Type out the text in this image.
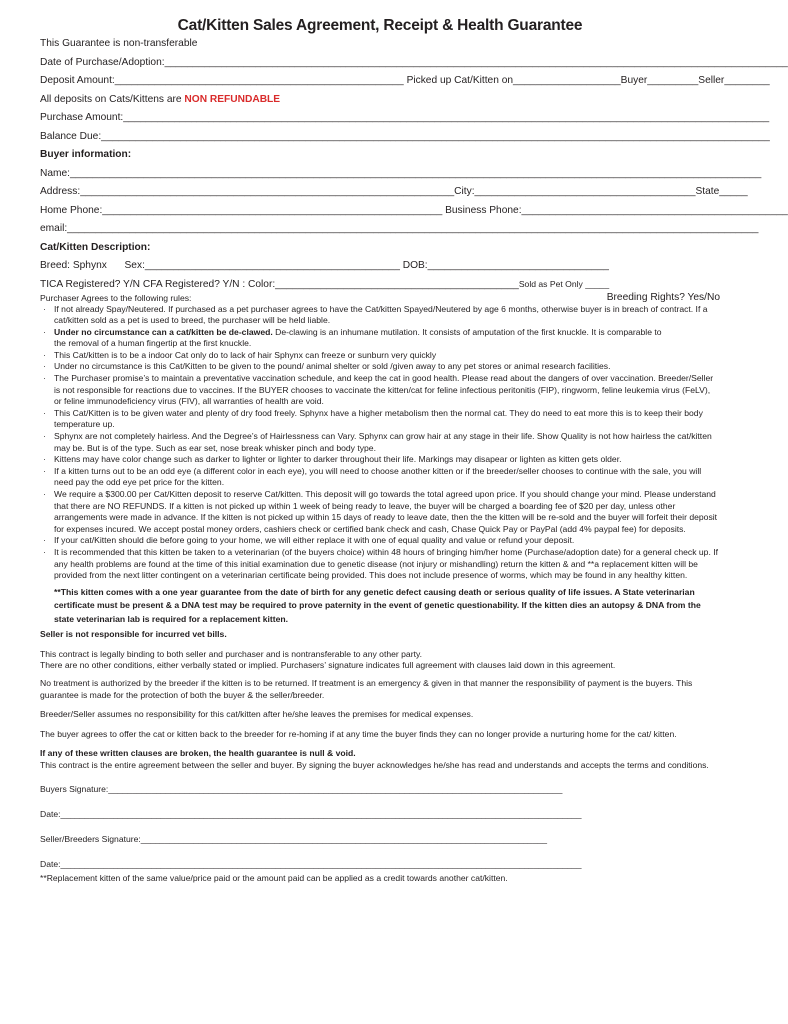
Cat/Kitten Sales Agreement, Receipt & Health Guarantee
This Guarantee is non-transferable
Date of Purchase/Adoption:______________________________________________________________________________________________________________
Deposit Amount:___________________________________________________ Picked up Cat/Kitten on___________________Buyer_________Seller________
All deposits on Cats/Kittens are NON REFUNDABLE
Purchase Amount:__________________________________________________________________________________________________________________
Balance Due:______________________________________________________________________________________________________________________
Buyer information:
Name:__________________________________________________________________________________________________________________________
Address:__________________________________________________________________City:_______________________________________State_____
Home Phone:____________________________________________________________ Business Phone:_______________________________________________
email:__________________________________________________________________________________________________________________________
Cat/Kitten Description:
Breed: Sphynx Sex:_____________________________________________ DOB:________________________________
TICA Registered? Y/N CFA Registered? Y/N : Color:___________________________________________Sold as Pet Only _____
Breeding Rights? Yes/No
Purchaser Agrees to the following rules:
· If not already Spay/Neutered. If purchased as a pet purchaser agrees to have the Cat/kitten Spayed/Neutered by age 6 months, otherwise buyer is in breach of contract. If a cat/kitten sold as a pet is used to breed, the purchaser will be held liable.
· Under no circumstance can a cat/kitten be de-clawed. De-clawing is an inhumane mutilation. It consists of amputation of the first knuckle. It is comparable to
the removal of a human fingertip at the first knuckle.
· This Cat/kitten is to be a indoor Cat only do to lack of hair Sphynx can freeze or sunburn very quickly
· Under no circumstance is this Cat/Kitten to be given to the pound/ animal shelter or sold /given away to any pet stores or animal research facilities.
· The Purchaser promise’s to maintain a preventative vaccination schedule, and keep the cat in good health. Please read about the dangers of over vaccination. Breeder/Seller is not responsible for reactions due to vaccines. If the BUYER chooses to vaccinate the kitten/cat for feline infectious peritonitis (FIP), ringworm, feline leukemia virus (FeLV), or feline immunodeficiency virus (FIV), all warranties of health are void.
· This Cat/Kitten is to be given water and plenty of dry food freely. Sphynx have a higher metabolism then the normal cat. They do need to eat more this is to keep their body temperature up.
· Sphynx are not completely hairless. And the Degree’s of Hairlessness can Vary. Sphynx can grow hair at any stage in their life. Show Quality is not how hairless the cat/kitten may be. But is of the type. Such as ear set, nose break whisker pinch and body type.
· Kittens may have color change such as darker to lighter or lighter to darker throughout their life. Markings may disapear or lighten as kitten gets older.
· If a kitten turns out to be an odd eye (a different color in each eye), you will need to choose another kitten or if the breeder/seller chooses to continue with the sale, you will need pay the odd eye pet price for the kitten.
· We require a $300.00 per Cat/Kitten deposit to reserve Cat/kitten. This deposit will go towards the total agreed upon price. If you should change your mind. Please understand that there are NO REFUNDS. If a kitten is not picked up within 1 week of being ready to leave, the buyer will be charged a boarding fee of $20 per day, unless other arrangements were made in advance. If the kitten is not picked up within 15 days of ready to leave date, then the the kitten will be re-sold and the buyer will forfeit their deposit for expenses incured. We accept postal money orders, cashiers check or certified bank check and cash, Chase Quick Pay or PayPal (add 4% paypal fee) for deposits.
· If your cat/Kitten should die before going to your home, we will either replace it with one of equal quality and value or refund your deposit.
· It is recommended that this kitten be taken to a veterinarian (of the buyers choice) within 48 hours of bringing him/her home (Purchase/adoption date) for a general check up. If any health problems are found at the time of this initial examination due to genetic disease (not injury or mishandling) return the kitten & and **a replacement kitten will be provided from the next litter contingent on a veterinarian certificate being provided. This does not include presence of worms, which may be found in any healthy kitten.
**This kitten comes with a one year guarantee from the date of birth for any genetic defect causing death or serious quality of life issues. A State veterinarian certificate must be present & a DNA test may be required to prove paternity in the event of genetic questionability. If the kitten dies an autopsy & DNA from the state veterinarian lab is required for a replacement kitten.
Seller is not responsible for incurred vet bills.
This contract is legally binding to both seller and purchaser and is nontransferable to any other party.
There are no other conditions, either verbally stated or implied. Purchasers’ signature indicates full agreement with clauses laid down in this agreement.
No treatment is authorized by the breeder if the kitten is to be returned. If treatment is an emergency & given in that manner the responsibility of payment is the buyers. This guarantee is made for the protection of both the buyer & the seller/breeder.
Breeder/Seller assumes no responsibility for this cat/kitten after he/she leaves the premises for medical expenses.
The buyer agrees to offer the cat or kitten back to the breeder for re-homing if at any time the buyer finds they can no longer provide a nurturing home for the cat/ kitten.
If any of these written clauses are broken, the health guarantee is null & void.
This contract is the entire agreement between the seller and buyer. By signing the buyer acknowledges he/she has read and understands and accepts the terms and conditions.
Buyers Signature:_______________________________________________________________________________________________
Date:_____________________________________________________________________________________________________________
Seller/Breeders Signature:_____________________________________________________________________________________
Date:_____________________________________________________________________________________________________________
**Replacement kitten of the same value/price paid or the amount paid can be applied as a credit towards another cat/kitten.
